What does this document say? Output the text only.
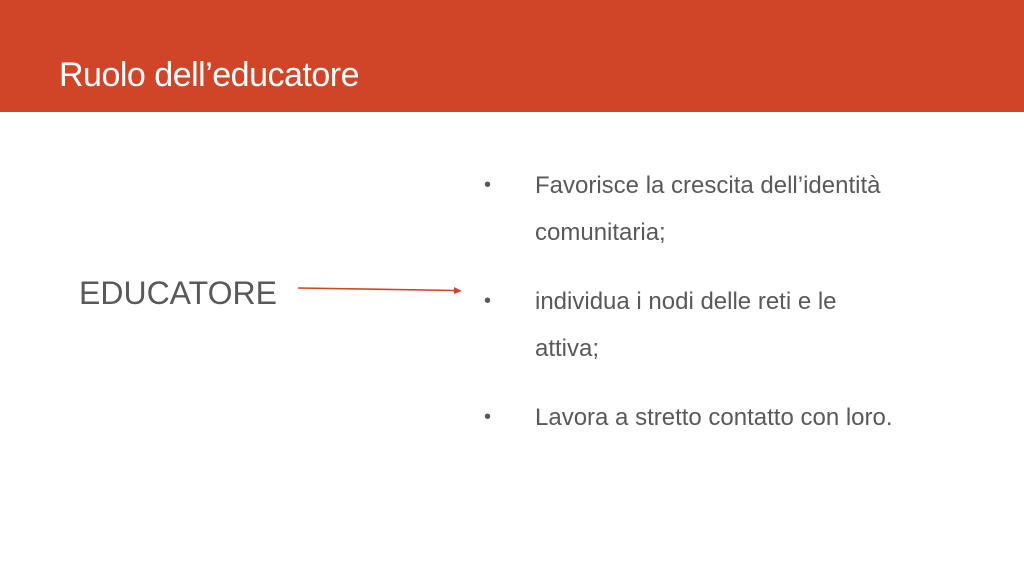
Ruolo dell’educatore
EDUCATORE
•	Favorisce la crescita dell’identità comunitaria;
•	individua i nodi delle reti e le attiva;
•	Lavora a stretto contatto con loro.
